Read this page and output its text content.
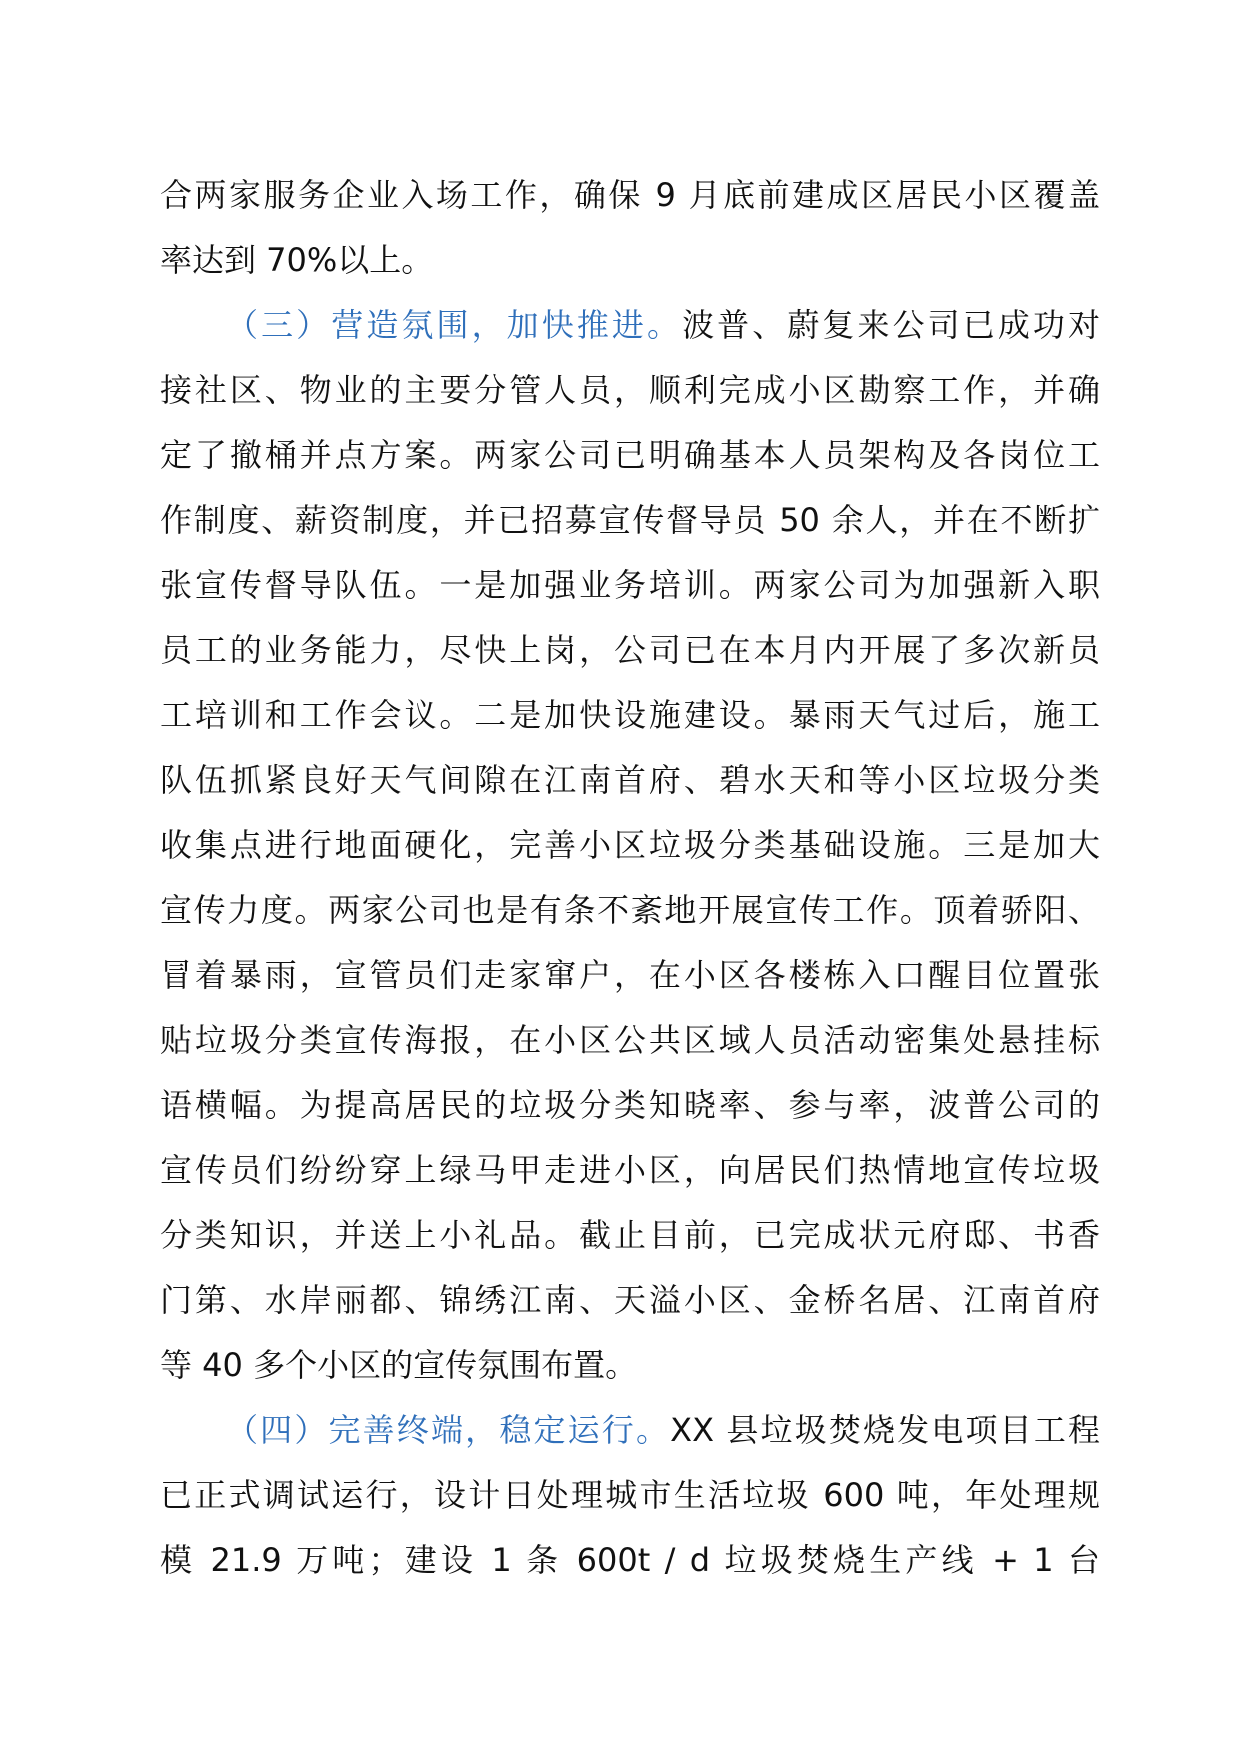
合两家服务企业入场工作，确保 9 月底前建成区居民小区覆盖
率达到 70%以上。
（三）营造氛围，加快推进。波普、蔚复来公司已成功对
接社区、物业的主要分管人员，顺利完成小区勘察工作，并确
定了撤桶并点方案。两家公司已明确基本人员架构及各岗位工
作制度、薪资制度，并已招募宣传督导员 50 余人，并在不断扩
张宣传督导队伍。一是加强业务培训。两家公司为加强新入职
员工的业务能力，尽快上岗，公司已在本月内开展了多次新员
工培训和工作会议。二是加快设施建设。暴雨天气过后，施工
队伍抓紧良好天气间隙在江南首府、碧水天和等小区垃圾分类
收集点进行地面硬化，完善小区垃圾分类基础设施。三是加大
宣传力度。两家公司也是有条不紊地开展宣传工作。顶着骄阳、
冒着暴雨，宣管员们走家窜户，在小区各楼栋入口醒目位置张
贴垃圾分类宣传海报，在小区公共区域人员活动密集处悬挂标
语横幅。为提高居民的垃圾分类知晓率、参与率，波普公司的
宣传员们纷纷穿上绿马甲走进小区，向居民们热情地宣传垃圾
分类知识，并送上小礼品。截止目前，已完成状元府邸、书香
门第、水岸丽都、锦绣江南、天溢小区、金桥名居、江南首府
等 40 多个小区的宣传氛围布置。
（四）完善终端，稳定运行。XX 县垃圾焚烧发电项目工程
已正式调试运行，设计日处理城市生活垃圾 600 吨，年处理规
模 21.9 万吨；建设 1 条 600t / d 垃圾焚烧生产线 + 1 台
